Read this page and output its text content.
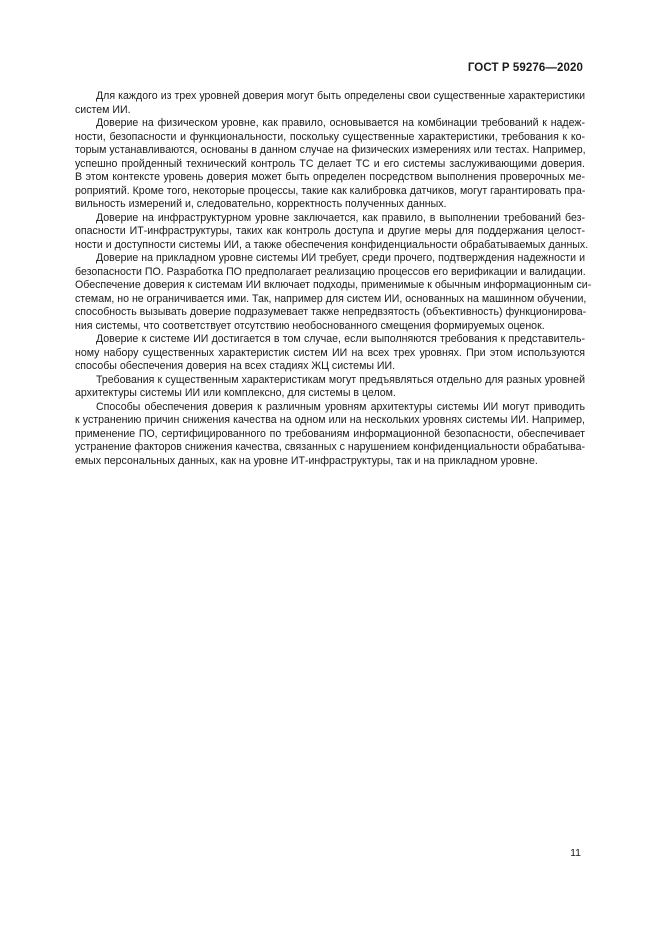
ГОСТ Р 59276—2020
Для каждого из трех уровней доверия могут быть определены свои существенные характеристики
систем ИИ.
Доверие на физическом уровне, как правило, основывается на комбинации требований к надеж-
ности, безопасности и функциональности, поскольку существенные характеристики, требования к ко-
торым устанавливаются, основаны в данном случае на физических измерениях или тестах. Например,
успешно пройденный технический контроль ТС делает ТС и его системы заслуживающими доверия.
В этом контексте уровень доверия может быть определен посредством выполнения проверочных ме-
роприятий. Кроме того, некоторые процессы, такие как калибровка датчиков, могут гарантировать пра-
вильность измерений и, следовательно, корректность полученных данных.
Доверие на инфраструктурном уровне заключается, как правило, в выполнении требований без-
опасности ИТ-инфраструктуры, таких как контроль доступа и другие меры для поддержания целост-
ности и доступности системы ИИ, а также обеспечения конфиденциальности обрабатываемых данных.
Доверие на прикладном уровне системы ИИ требует, среди прочего, подтверждения надежности и
безопасности ПО. Разработка ПО предполагает реализацию процессов его верификации и валидации.
Обеспечение доверия к системам ИИ включает подходы, применимые к обычным информационным си-
стемам, но не ограничивается ими. Так, например для систем ИИ, основанных на машинном обучении,
способность вызывать доверие подразумевает также непредвзятость (объективность) функционирова-
ния системы, что соответствует отсутствию необоснованного смещения формируемых оценок.
Доверие к системе ИИ достигается в том случае, если выполняются требования к представитель-
ному набору существенных характеристик систем ИИ на всех трех уровнях. При этом используются
способы обеспечения доверия на всех стадиях ЖЦ системы ИИ.
Требования к существенным характеристикам могут предъявляться отдельно для разных уровней
архитектуры системы ИИ или комплексно, для системы в целом.
Способы обеспечения доверия к различным уровням архитектуры системы ИИ могут приводить
к устранению причин снижения качества на одном или на нескольких уровнях системы ИИ. Например,
применение ПО, сертифицированного по требованиям информационной безопасности, обеспечивает
устранение факторов снижения качества, связанных с нарушением конфиденциальности обрабатыва-
емых персональных данных, как на уровне ИТ-инфраструктуры, так и на прикладном уровне.
11
